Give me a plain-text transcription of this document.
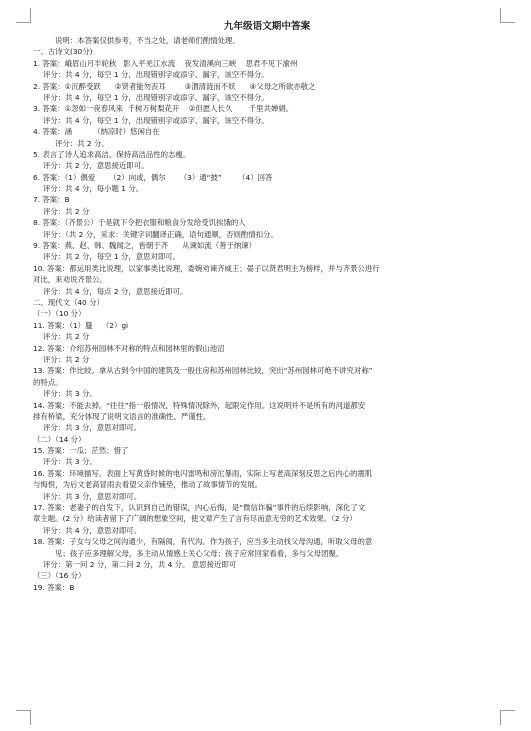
九年级语文期中答案
说明：本答案仅供参考，不当之处，请老师们酌情处理。
一、古诗文(30分)
1. 答案：峨眉山月半轮秋   影入平羌江水流    夜发清溪向三峡    思君不见下渝州
评分：共 4 分，每空 1 分，出现错别字或添字、漏字，该空不得分。
2. 答案：①沉醉受跃      ②贤者能勿丧耳        ③渭清涟而不妖      ④父母之所欲亦敬之
评分：共 4 分，每空 1 分，出现错别字或添字、漏字，该空不得分。
3. 答案：①忽如一夜春风来  千树万树梨花开    ②但愿人长久       千里共婵娟。
评分：共 4 分，每空 1 分，出现错别字或添字、漏字，该空不得分。
4. 答案：涵         （纳凉时）悠闲自在
评分：共 2 分。
5. 表言了诗人追求高洁、保持高洁品性的志瘦。
评分：共 2 分，意思接近即可。
6. 答案：（1）偶爱      （2）向或，偶尔      （3）通“披”       （4）回答
评分：共 4 分，每小题 1 分。
7. 答案：B
评分：共 2 分
8. 答案：（齐景公）于是就下令把衣服和粮食分发给受饥挨饿的人
评分：（共 2 分，采求：关键字词翻译正确，语句通顺，否则酌情扣分。
9. 答案：燕、赵、韩、魏闻之，皆朝于齐      从谏如流（善于纳谏）
评分：共 2 分，每空 1 分，意思对即可。
10. 答案：都运用类比说理，以家事类比说理，委婉劝谏齐威王；晏子以贤君明主为榜样，并与齐景公进行
对比，来劝说齐景公。
评分：共 4 分，每点 2 分，意思接近即可。
二、现代文（40 分）
（一）（10 分）
11. 答案：（1）蜃    （2）gì
评分：共 2 分
12. 答案：介绍苏州园林不对称的特点和园林里的假山池沼
评分：共 2 分
13. 答案：作比较。拿从古到今中国的建筑及一般住房和苏州园林比较，突出“苏州园林可绝不讲究对称”
的特点。
评分：共 3 分。
14. 答案：不能去掉。“往往”指一般情况，特殊情况除外，起限定作用。这说明并不是所有的河道都安
排有桥梁，充分体现了说明文语言的准确性、严谨性。
评分：共 3 分，意思对即可。
（二）（14 分）
15. 答案：一瓜；茫然；惜了
评分：共 3 分。
16. 答案：环境描写。表面上写黄昏时候的电闪雷鸣和滂沱暴雨，实际上写老高深刻反思之后内心的震肌
与悔恨，为后文老高冒雨去看望父亲作铺垫，推动了故事情节的发展。
评分：共 3 分，意思对即可。
17. 答案：老妻子的自发下，认识到自己的错误，内心后悔，是“微信诈骗”事件的后续影响，深化了文
章主题。(2 分）给读者留下了广阔的想象空间，使文章产生了言有尽而意无穷的艺术效果。（2 分）
评分：共 4 分，意思对即可。
18. 答案：子女与父母之间沟通少，有隔阂，有代沟。作为孩子，应当多主动找父母沟通，听取父母的意
见；孩子应多理解父母，多主动从情感上关心父母；孩子应常回家看看，多与父母团聚。
评分：第一问 2 分，第二问 2 分，共 4 分。 意思接近即可
（三）（16 分）
19. 答案：B
